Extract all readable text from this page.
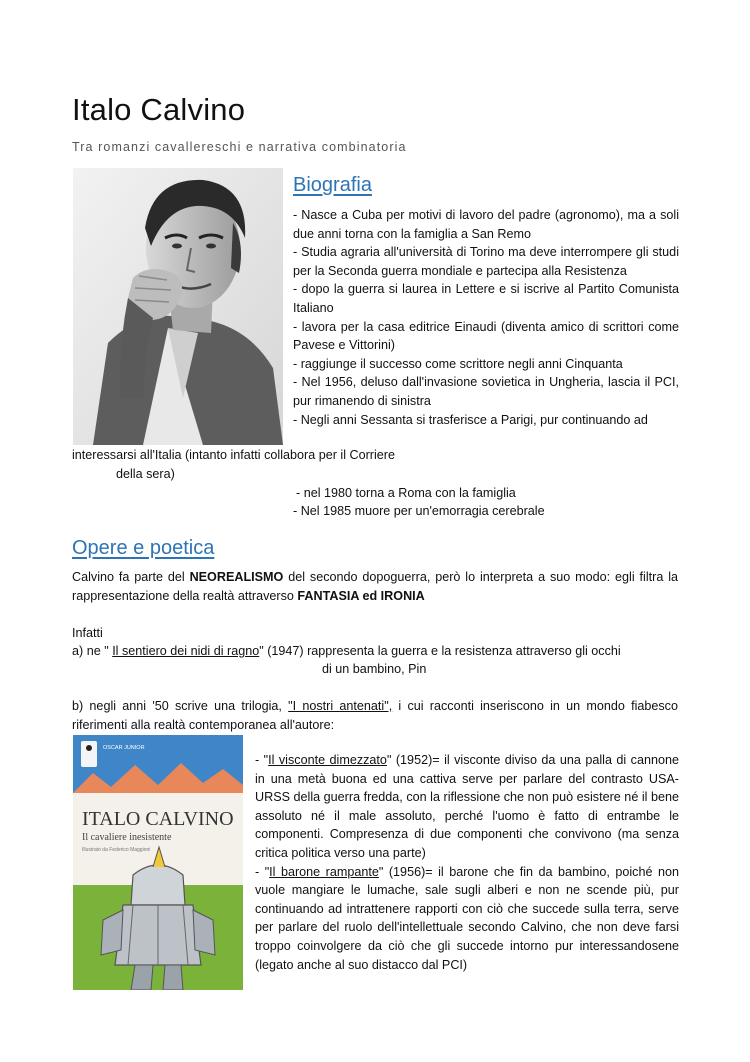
Italo Calvino
Tra romanzi cavallereschi e narrativa combinatoria
Biografia
- Nasce a Cuba per motivi di lavoro del padre (agronomo), ma a soli due anni torna con la famiglia a San Remo
- Studia agraria all'università di Torino ma deve interrompere gli studi per la Seconda guerra mondiale e partecipa alla Resistenza
- dopo la guerra si laurea in Lettere e si iscrive al Partito Comunista Italiano
- lavora per la casa editrice Einaudi (diventa amico di scrittori come Pavese e Vittorini)
- raggiunge il successo come scrittore negli anni Cinquanta
- Nel 1956, deluso dall'invasione sovietica in Ungheria, lascia il PCI, pur rimanendo di sinistra
- Negli anni Sessanta si trasferisce a Parigi, pur continuando ad
interessarsi all'Italia (intanto infatti collabora per il Corriere
della sera)
- nel 1980 torna a Roma con la famiglia
- Nel 1985 muore per un'emorragia cerebrale
Opere e poetica
Calvino fa parte del NEOREALISMO del secondo dopoguerra, però lo interpreta a suo modo: egli filtra la rappresentazione della realtà attraverso FANTASIA ed IRONIA
Infatti
a) ne " Il sentiero dei nidi di ragno" (1947) rappresenta la guerra e la resistenza attraverso gli occhi
di un bambino, Pin
b) negli anni '50 scrive una trilogia, "I nostri antenati", i cui racconti inseriscono in un mondo fiabesco riferimenti alla realtà contemporanea all'autore:
OSCAR JUNIOR
ITALO CALVINO
Il cavaliere inesistente
Illustrato da Federico Maggioni
- "Il visconte dimezzato" (1952)= il visconte diviso da una palla di cannone in una metà buona ed una cattiva serve per parlare del contrasto USA-URSS della guerra fredda, con la riflessione che non può esistere né il bene assoluto né il male assoluto, perché l'uomo è fatto di entrambe le componenti. Compresenza di due componenti che convivono (ma senza critica politica verso una parte)
- "Il barone rampante" (1956)= il barone che fin da bambino, poiché non vuole mangiare le lumache, sale sugli alberi e non ne scende più, pur continuando ad intrattenere rapporti con ciò che succede sulla terra, serve per parlare del ruolo dell'intellettuale secondo Calvino, che non deve farsi troppo coinvolgere da ciò che gli succede intorno pur interessandosene (legato anche al suo distacco dal PCI)
